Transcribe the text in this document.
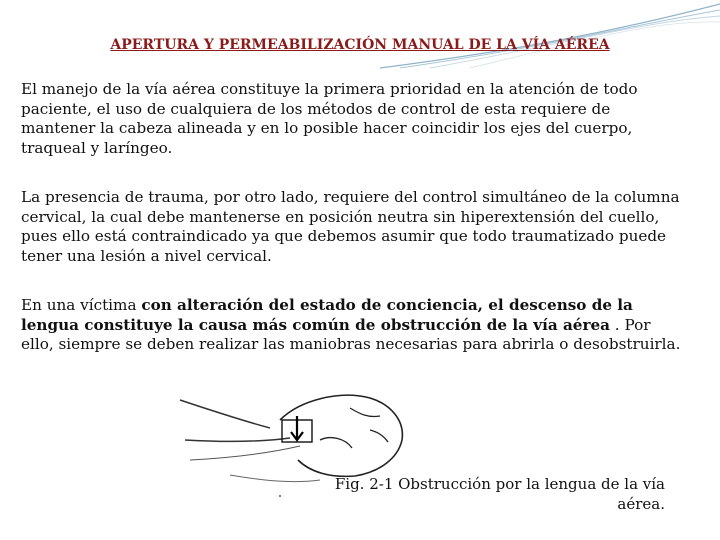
APERTURA Y PERMEABILIZACIÓN MANUAL DE LA VÍA AÉREA

El manejo de la vía aérea constituye la primera prioridad en la atención de todo paciente, el uso de cualquiera de los métodos de control de esta requiere de mantener la cabeza alineada y en lo posible hacer coincidir los ejes del cuerpo, traqueal y laríngeo.

La presencia de trauma, por otro lado, requiere del control simultáneo de la columna cervical, la cual debe mantenerse en posición neutra sin hiperextensión del cuello, pues ello está contraindicado ya que debemos asumir que todo traumatizado puede tener una lesión a nivel cervical.

En una víctima con alteración del estado de conciencia, el descenso de la lengua constituye la causa más común de obstrucción de la vía aérea . Por ello, siempre se deben realizar las maniobras necesarias para abrirla o desobstruirla.

Fig. 2-1 Obstrucción por la lengua de la vía aérea.
